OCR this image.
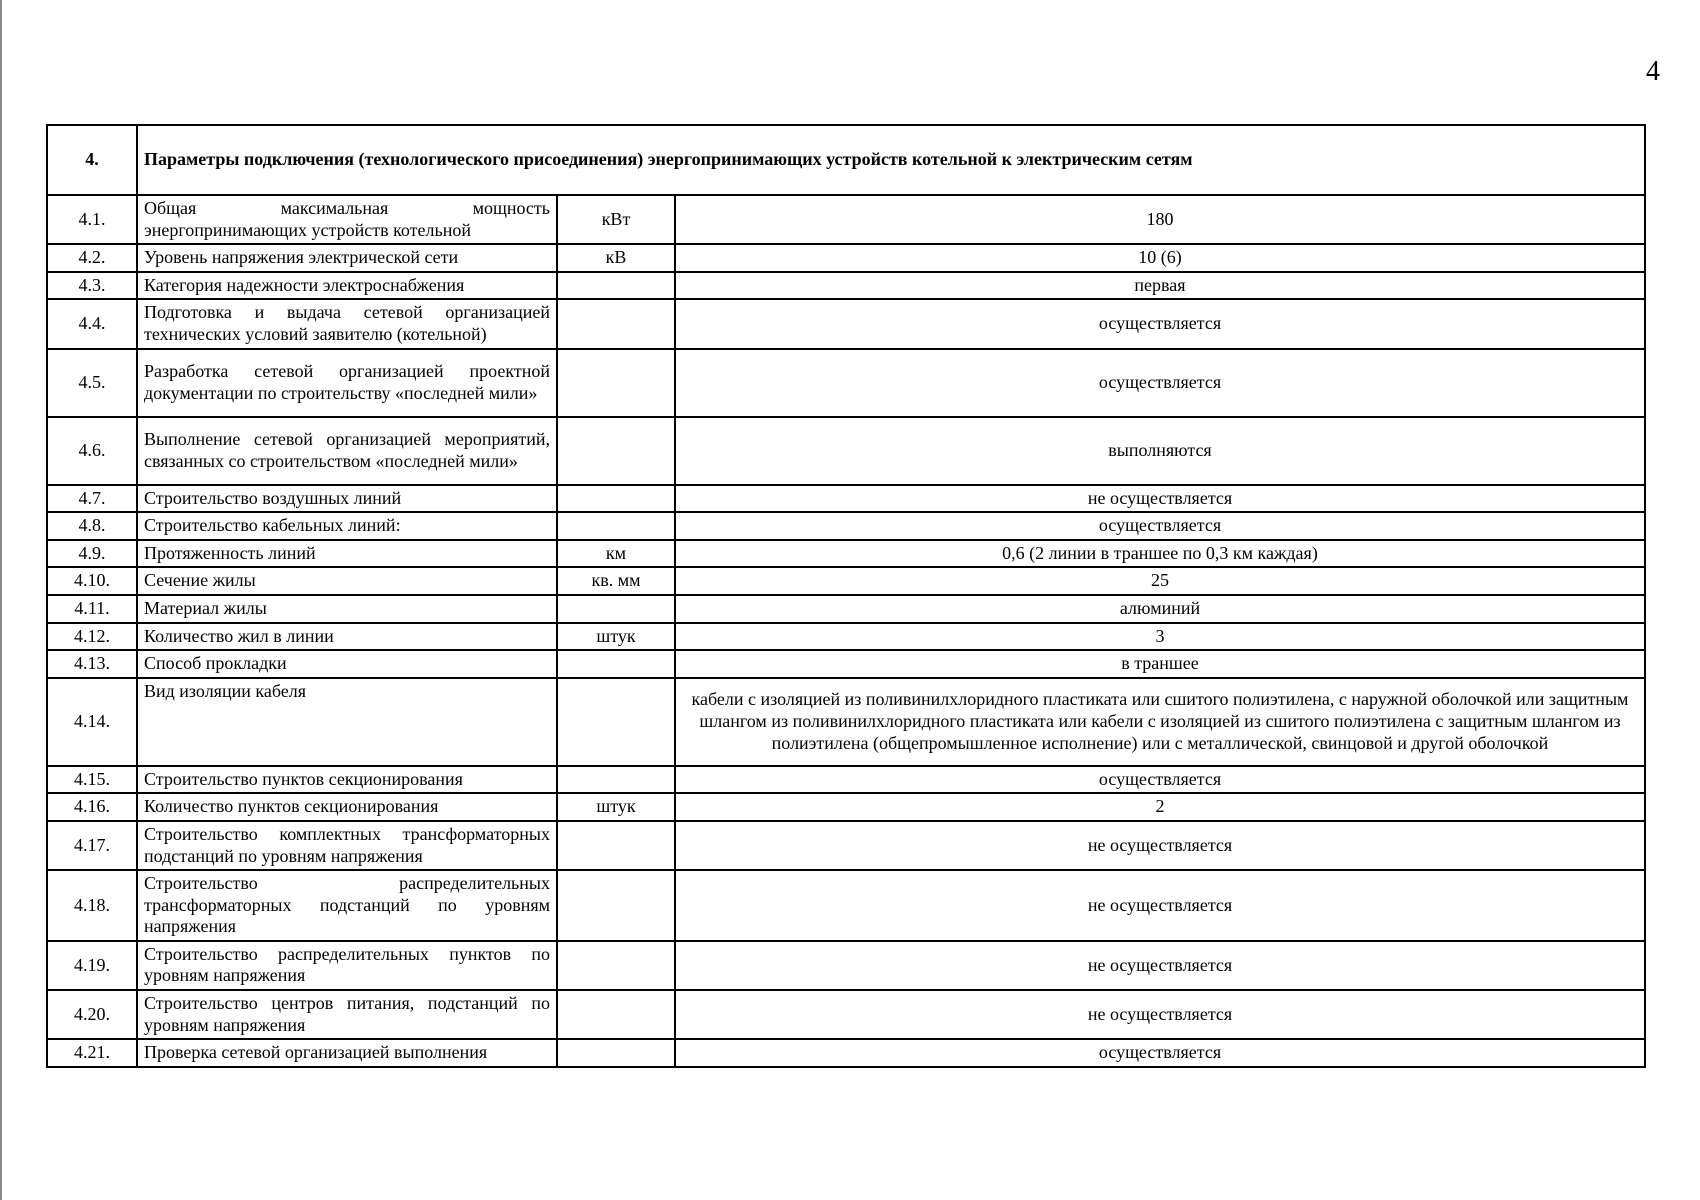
4
4.	Параметры подключения (технологического присоединения) энергопринимающих устройств котельной к электрическим сетям		
4.1.	Общая максимальная мощность энергопринимающих устройств котельной	кВт	180
4.2.	Уровень напряжения электрической сети	кВ	10 (6)
4.3.	Категория надежности электроснабжения		первая
4.4.	Подготовка и выдача сетевой организацией технических условий заявителю (котельной)		осуществляется
4.5.	Разработка сетевой организацией проектной документации по строительству «последней мили»		осуществляется
4.6.	Выполнение сетевой организацией мероприятий, связанных со строительством «последней мили»		выполняются
4.7.	Строительство воздушных линий		не осуществляется
4.8.	Строительство кабельных линий:		осуществляется
4.9.	Протяженность линий	км	0,6 (2 линии в траншее по 0,3 км каждая)
4.10.	Сечение жилы	кв. мм	25
4.11.	Материал жилы		алюминий
4.12.	Количество жил в линии	штук	3
4.13.	Способ прокладки		в траншее
4.14.	Вид изоляции кабеля		кабели с изоляцией из поливинилхлоридного пластиката или сшитого полиэтилена, с наружной оболочкой или защитным шлангом из поливинилхлоридного пластиката или кабели с изоляцией из сшитого полиэтилена с защитным шлангом из полиэтилена (общепромышленное исполнение) или с металлической, свинцовой и другой оболочкой
4.15.	Строительство пунктов секционирования		осуществляется
4.16.	Количество пунктов секционирования	штук	2
4.17.	Строительство комплектных трансформаторных подстанций по уровням напряжения		не осуществляется
4.18.	Строительство распределительных трансформаторных подстанций по уровням напряжения		не осуществляется
4.19.	Строительство распределительных пунктов по уровням напряжения		не осуществляется
4.20.	Строительство центров питания, подстанций по уровням напряжения		не осуществляется
4.21.	Проверка сетевой организацией выполнения		осуществляется
